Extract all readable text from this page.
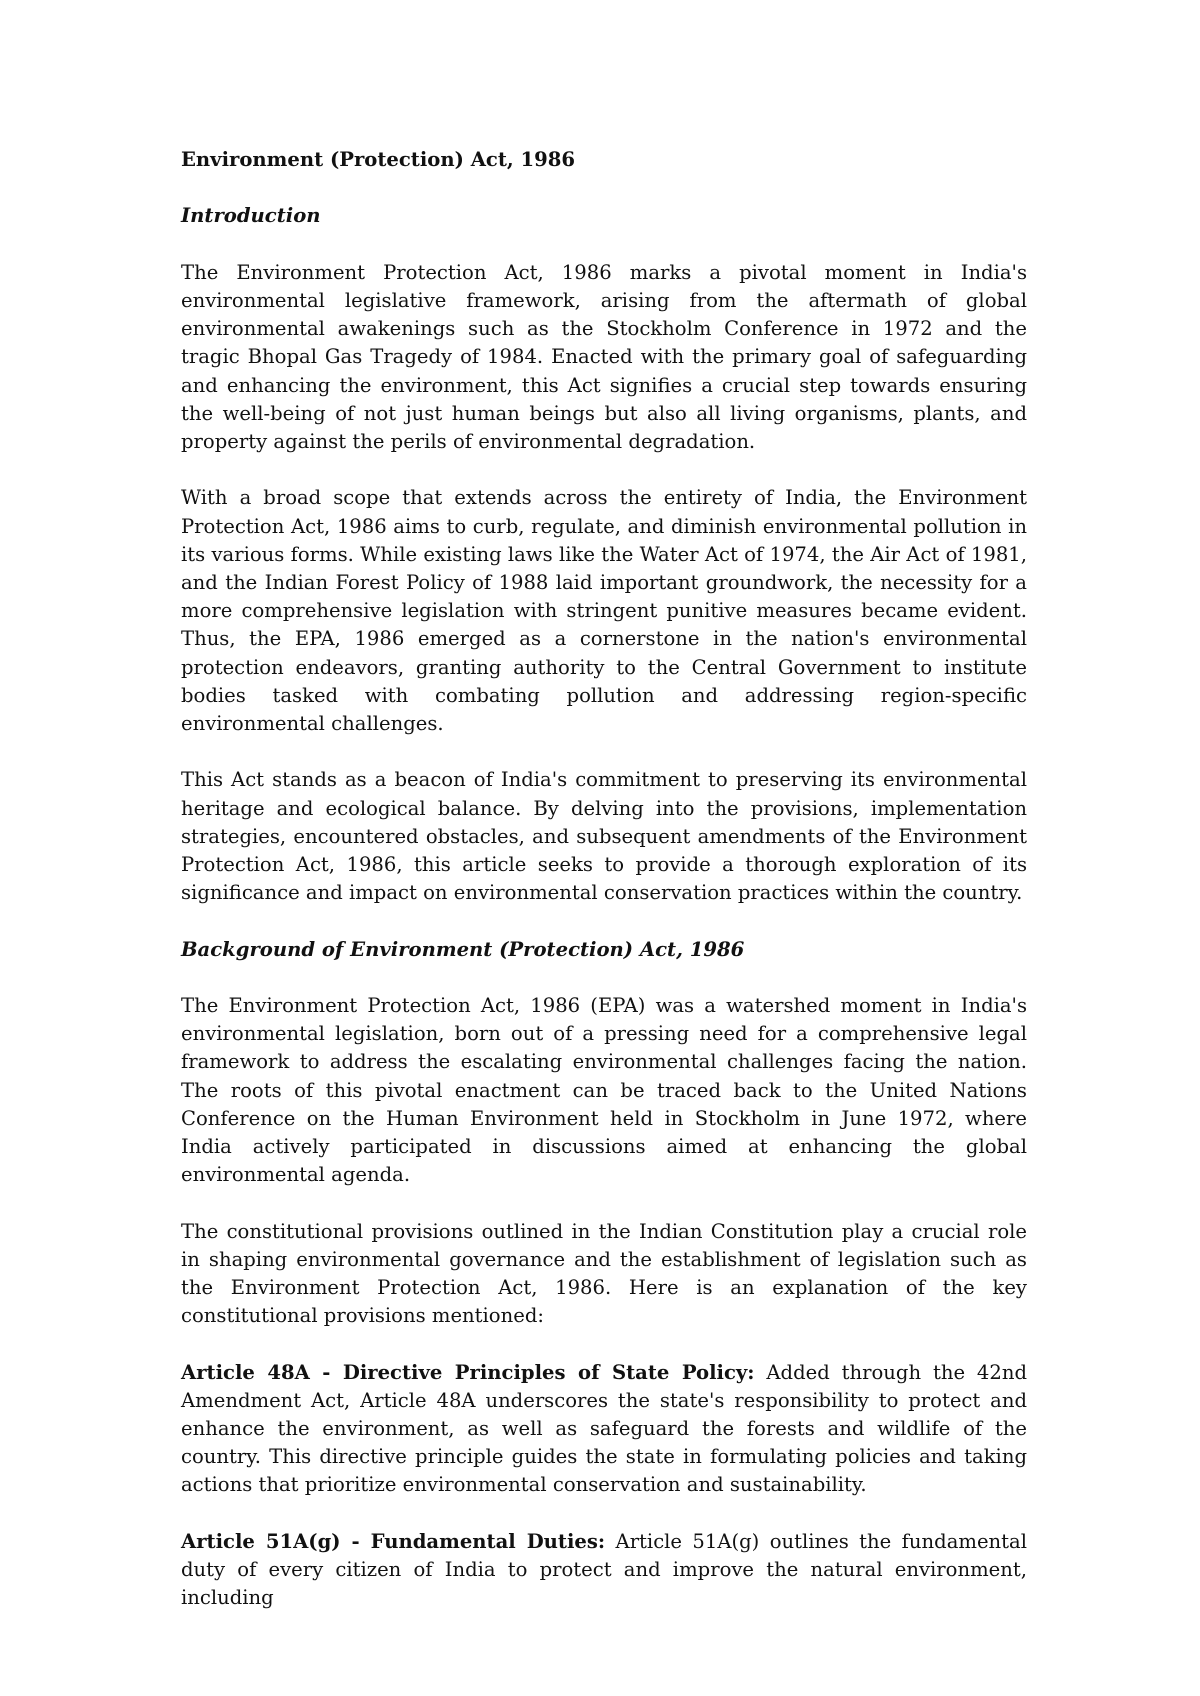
Environment (Protection) Act, 1986

Introduction

The Environment Protection Act, 1986 marks a pivotal moment in India's environmental legislative framework, arising from the aftermath of global environmental awakenings such as the Stockholm Conference in 1972 and the tragic Bhopal Gas Tragedy of 1984. Enacted with the primary goal of safeguarding and enhancing the environment, this Act signifies a crucial step towards ensuring the well-being of not just human beings but also all living organisms, plants, and property against the perils of environmental degradation.

With a broad scope that extends across the entirety of India, the Environment Protection Act, 1986 aims to curb, regulate, and diminish environmental pollution in its various forms. While existing laws like the Water Act of 1974, the Air Act of 1981, and the Indian Forest Policy of 1988 laid important groundwork, the necessity for a more comprehensive legislation with stringent punitive measures became evident. Thus, the EPA, 1986 emerged as a cornerstone in the nation's environmental protection endeavors, granting authority to the Central Government to institute bodies tasked with combating pollution and addressing region-specific environmental challenges.

This Act stands as a beacon of India's commitment to preserving its environmental heritage and ecological balance. By delving into the provisions, implementation strategies, encountered obstacles, and subsequent amendments of the Environment Protection Act, 1986, this article seeks to provide a thorough exploration of its significance and impact on environmental conservation practices within the country.

Background of Environment (Protection) Act, 1986

The Environment Protection Act, 1986 (EPA) was a watershed moment in India's environmental legislation, born out of a pressing need for a comprehensive legal framework to address the escalating environmental challenges facing the nation. The roots of this pivotal enactment can be traced back to the United Nations Conference on the Human Environment held in Stockholm in June 1972, where India actively participated in discussions aimed at enhancing the global environmental agenda.

The constitutional provisions outlined in the Indian Constitution play a crucial role in shaping environmental governance and the establishment of legislation such as the Environment Protection Act, 1986. Here is an explanation of the key constitutional provisions mentioned:

Article 48A - Directive Principles of State Policy: Added through the 42nd Amendment Act, Article 48A underscores the state's responsibility to protect and enhance the environment, as well as safeguard the forests and wildlife of the country. This directive principle guides the state in formulating policies and taking actions that prioritize environmental conservation and sustainability.

Article 51A(g) - Fundamental Duties: Article 51A(g) outlines the fundamental duty of every citizen of India to protect and improve the natural environment, including
